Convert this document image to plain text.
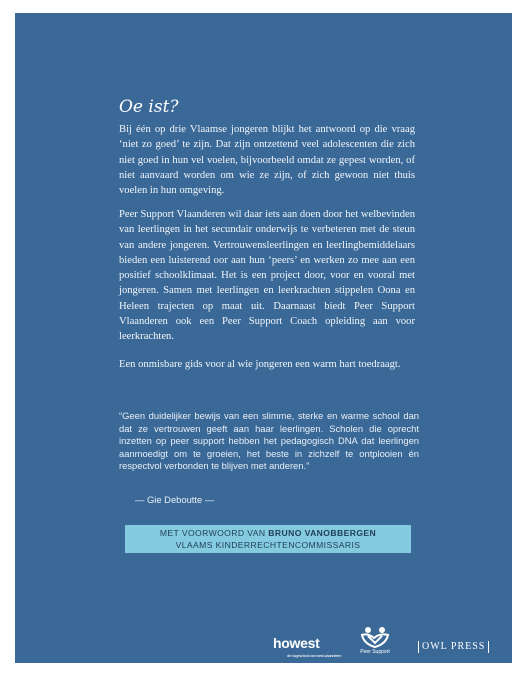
Oe ist?

Bij één op drie Vlaamse jongeren blijkt het antwoord op die vraag ‘niet zo goed’ te zijn. Dat zijn ontzettend veel adolescenten die zich niet goed in hun vel voelen, bijvoorbeeld omdat ze gepest worden, of niet aanvaard worden om wie ze zijn, of zich gewoon niet thuis voelen in hun omgeving.

Peer Support Vlaanderen wil daar iets aan doen door het welbevinden van leerlingen in het secundair onderwijs te verbeteren met de steun van andere jongeren. Vertrouwensleerlingen en leerlingbemiddelaars bieden een luisterend oor aan hun ‘peers’ en werken zo mee aan een positief schoolklimaat. Het is een project door, voor en vooral met jongeren. Samen met leerlingen en leerkrachten stippelen Oona en Heleen trajecten op maat uit. Daarnaast biedt Peer Support Vlaanderen ook een Peer Support Coach opleiding aan voor leerkrachten.

Een onmisbare gids voor al wie jongeren een warm hart toedraagt.

“Geen duidelijker bewijs van een slimme, sterke en warme school dan dat ze vertrouwen geeft aan haar leerlingen. Scholen die oprecht inzetten op peer support hebben het pedagogisch DNA dat leerlingen aanmoedigt om te groeien, het beste in zichzelf te ontplooien én respectvol verbonden te blijven met anderen.”

— Gie Deboutte —
MET VOORWOORD VAN BRUNO VANOBBERGEN
VLAAMS KINDERRECHTENCOMMISSARIS
howest
de hogeschool van west-vlaanderen
Peer Support	OWL PRESS
